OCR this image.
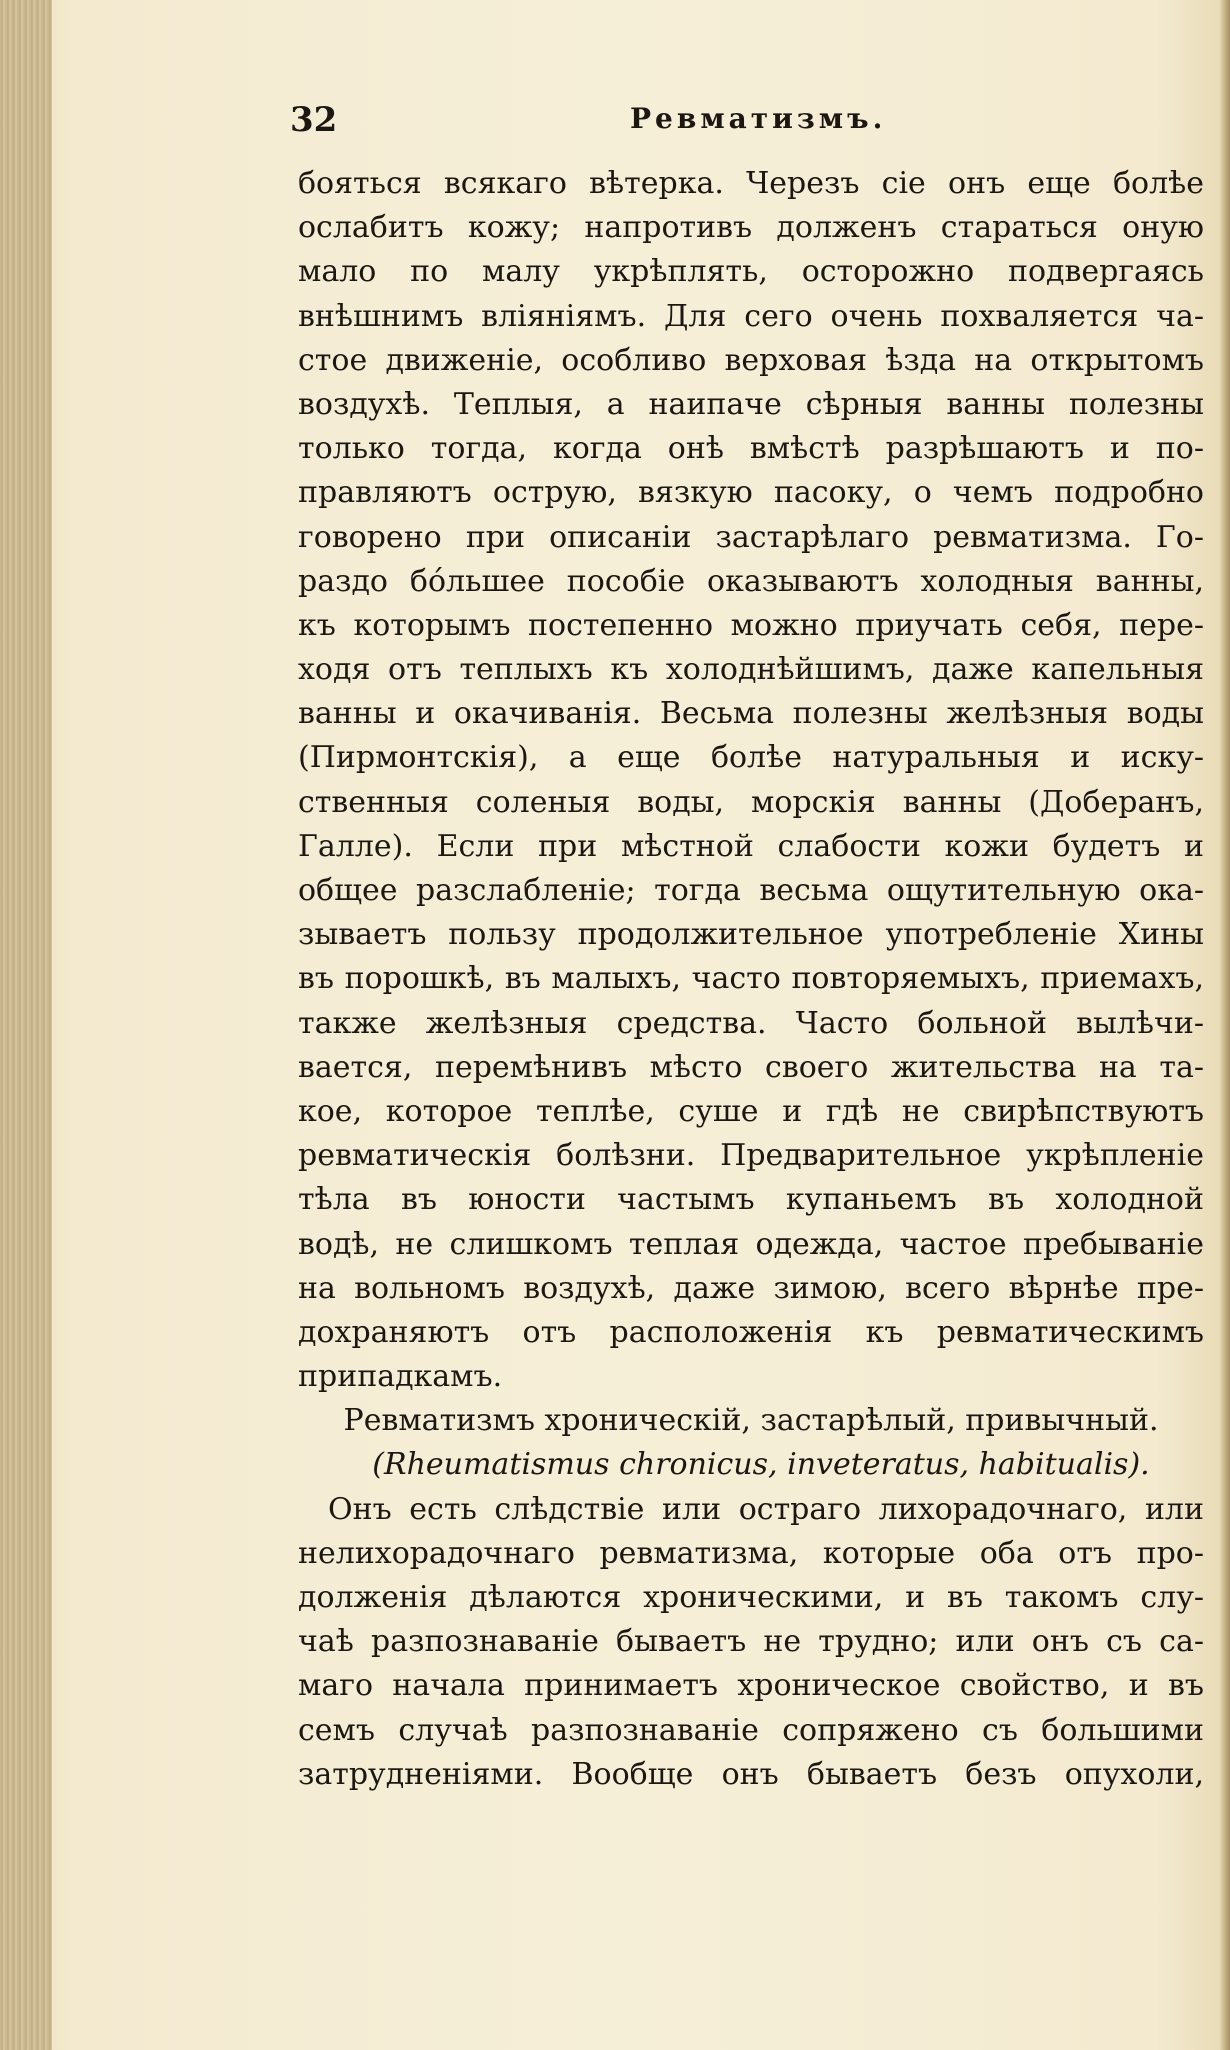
32	Ревматизмъ.
бояться всякаго вѣтерка. Черезъ сіе онъ еще болѣе
ослабитъ кожу; напротивъ долженъ стараться оную
мало по малу укрѣплять, осторожно подвергаясь
внѣшнимъ вліяніямъ. Для сего очень похваляется ча-
стое движеніе, особливо верховая ѣзда на открытомъ
воздухѣ. Теплыя, а наипаче сѣрныя ванны полезны
только тогда, когда онѣ вмѣстѣ разрѣшаютъ и по-
правляютъ острую, вязкую пасоку, о чемъ подробно
говорено при описаніи застарѣлаго ревматизма. Го-
раздо бо́льшее пособіе оказываютъ холодныя ванны,
къ которымъ постепенно можно приучать себя, пере-
ходя отъ теплыхъ къ холоднѣйшимъ, даже капельныя
ванны и окачиванія. Весьма полезны желѣзныя воды
(Пирмонтскія), а еще болѣе натуральныя и иску-
ственныя соленыя воды, морскія ванны (Доберанъ,
Галле). Если при мѣстной слабости кожи будетъ и
общее разслабленіе; тогда весьма ощутительную ока-
зываетъ пользу продолжительное употребленіе Хины
въ порошкѣ, въ малыхъ, часто повторяемыхъ, приемахъ,
также желѣзныя средства. Часто больной вылѣчи-
вается, перемѣнивъ мѣсто своего жительства на та-
кое, которое теплѣе, суше и гдѣ не свирѣпствуютъ
ревматическія болѣзни. Предварительное укрѣпленіе
тѣла въ юности частымъ купаньемъ въ холодной
водѣ, не слишкомъ теплая одежда, частое пребываніе
на вольномъ воздухѣ, даже зимою, всего вѣрнѣе пре-
дохраняютъ отъ расположенія къ ревматическимъ
припадкамъ.
Ревматизмъ хроническій, застарѣлый, привычный.
(Rheumatismus chronicus, inveteratus, habitualis).
Онъ есть слѣдствіе или остраго лихорадочнаго, или
нелихорадочнаго ревматизма, которые оба отъ про-
долженія дѣлаются хроническими, и въ такомъ слу-
чаѣ разпознаваніе бываетъ не трудно; или онъ съ са-
маго начала принимаетъ хроническое свойство, и въ
семъ случаѣ разпознаваніе сопряжено съ большими
затрудненіями. Вообще онъ бываетъ безъ опухоли,
